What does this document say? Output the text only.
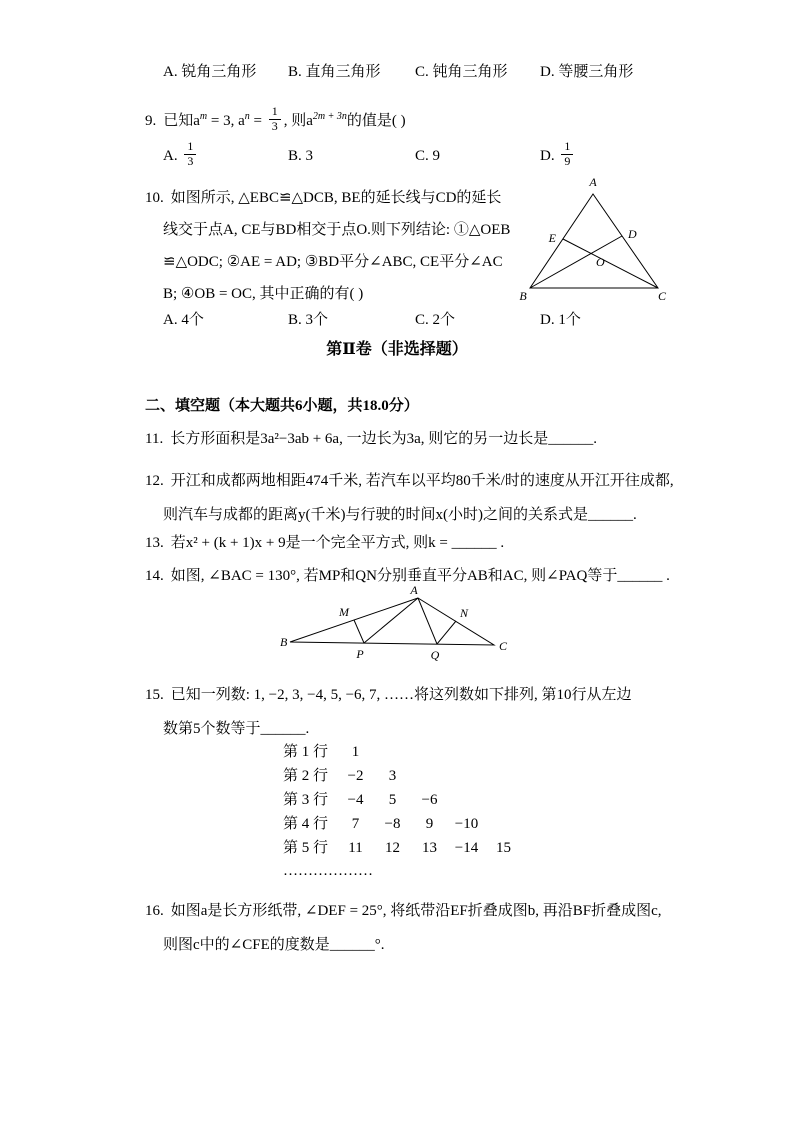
A. 锐角三角形 B. 直角三角形 C. 钝角三角形 D. 等腰三角形
9. 已知$a^m = 3$, $a^n = \frac{1}{3}$ , 则$a^{2m + 3n}$的值是( )
A. $\frac{1}{3}$	B. 3	C. 9	D. $\frac{1}{9}$
10. 如图所示, △EBC≌△DCB, BE的延长线与CD的延长
线交于点A, CE与BD相交于点O.则下列结论: ①△OEB
≌△ODC; ②AE = AD; ③BD平分∠ABC, CE平分∠AC
B; ④OB = OC, 其中正确的有( )
A
E	D
O
B	C
A. 4个	B. 3个	C. 2个	D. 1个
第Ⅱ卷（非选择题）
二、填空题（本大题共6小题，共18.0分）
11. 长方形面积是3a²−3ab + 6a, 一边长为3a, 则它的另一边长是______.
12. 开江和成都两地相距474千米, 若汽车以平均80千米/时的速度从开江开往成都,
则汽车与成都的距离y(千米)与行驶的时间x(小时)之间的关系式是______.
13. 若x² + (k + 1)x + 9是一个完全平方式, 则k = ______ .
14. 如图, ∠BAC = 130°, 若MP和QN分别垂直平分AB和AC, 则∠PAQ等于______ .
A
B	C
M	N
P	Q
15. 已知一列数: 1, −2, 3, −4, 5, −6, 7, ……将这列数如下排列, 第10行从左边
数第5个数等于______.
第 1 行	1
第 2 行	−2	3
第 3 行	−4	5	−6
第 4 行	7	−8	9	−10
第 5 行	11	12	13	−14	15
………………
16. 如图a是长方形纸带, ∠DEF = 25°, 将纸带沿EF折叠成图b, 再沿BF折叠成图c,
则图c中的∠CFE的度数是______°.
